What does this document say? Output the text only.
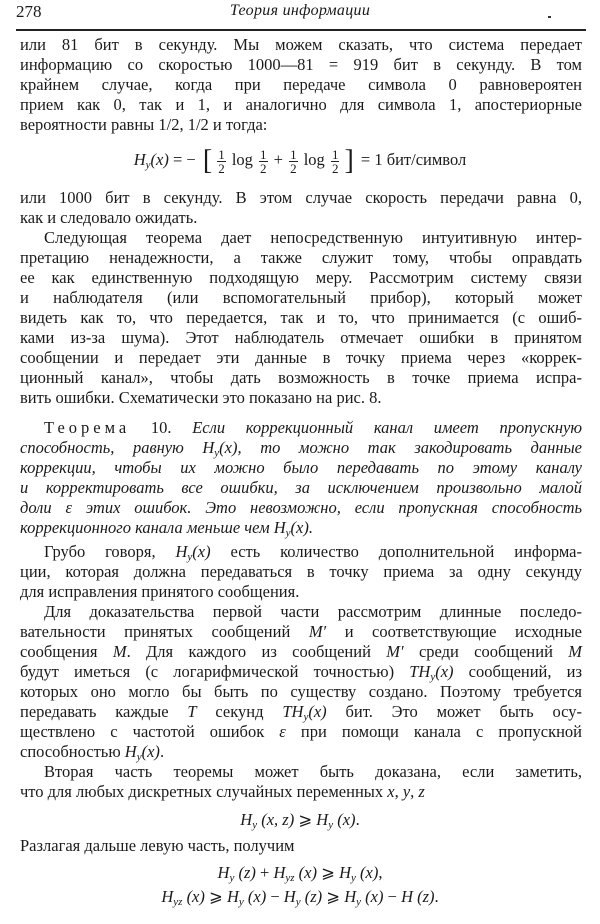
278	Теория информации
или 81 бит в секунду. Мы можем сказать, что система передает
информацию со скоростью 1000—81 = 919 бит в секунду. В том
крайнем случае, когда при передаче символа 0 равновероятен
прием как 0, так и 1, и аналогично для символа 1, апостериорные
вероятности равны 1/2, 1/2 и тогда:
$H_y(x)$ = − [ $\frac{1}{2}$ $\log \frac{1}{2} + \frac{1}{2}$ $\log \frac{1}{2}$ ] = 1 бит/символ
или 1000 бит в секунду. В этом случае скорость передачи равна 0,
как и следовало ожидать.
Следующая теорема дает непосредственную интуитивную интер-
претацию ненадежности, а также служит тому, чтобы оправдать
ее как единственную подходящую меру. Рассмотрим систему связи
и наблюдателя (или вспомогательный прибор), который может
видеть как то, что передается, так и то, что принимается (с ошиб-
ками из-за шума). Этот наблюдатель отмечает ошибки в принятом
сообщении и передает эти данные в точку приема через «коррек-
ционный канал», чтобы дать возможность в точке приема испра-
вить ошибки. Схематически это показано на рис. 8.
Теорема 10. Если коррекционный канал имеет пропускную
способность, равную $H_y(x)$, то можно так закодировать данные
коррекции, чтобы их можно было передавать по этому каналу
и корректировать все ошибки, за исключением произвольно малой
доли ε этих ошибок. Это невозможно, если пропускная способность
коррекционного канала меньше чем $H_y(x)$.
Грубо говоря, $H_y(x)$ есть количество дополнительной информа-
ции, которая должна передаваться в точку приема за одну секунду
для исправления принятого сообщения.
Для доказательства первой части рассмотрим длинные последо-
вательности принятых сообщений M′ и соответствующие исходные
сообщения M. Для каждого из сообщений M′ среди сообщений M
будут иметься (с логарифмической точностью) $TH_y(x)$ сообщений, из
которых оно могло бы быть по существу создано. Поэтому требуется
передавать каждые T секунд $TH_y(x)$ бит. Это может быть осу-
ществлено с частотой ошибок ε при помощи канала с пропускной
способностью $H_y(x)$.
Вторая часть теоремы может быть доказана, если заметить,
что для любых дискретных случайных переменных x, y, z
$H_y$ (x, z) ⩾ $H_y$ (x).
Разлагая дальше левую часть, получим
$H_y$ $(z) + H_{yz}$ (x) ⩾ $H_y$ (x),
$H_{yz}$ (x) ⩾ $H_y$ $(x) - H_y$ (z) ⩾ $H_y$ (x) − H (z).
